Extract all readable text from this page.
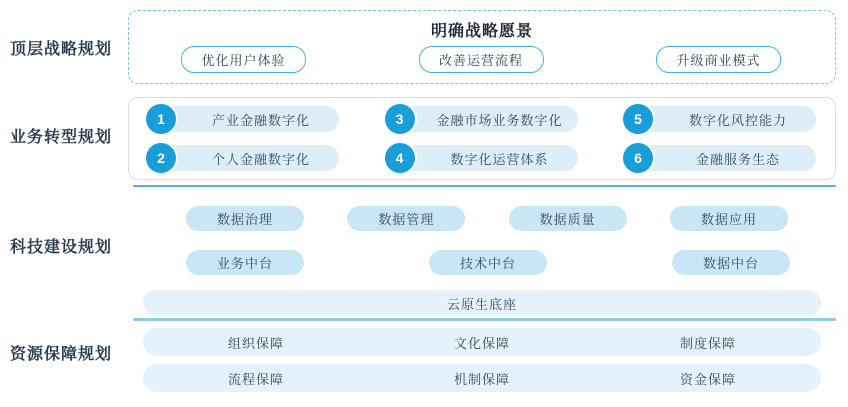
顶层战略规划
业务转型规划
科技建设规划
资源保障规划
明确战略愿景
优化用户体验	改善运营流程	升级商业模式
1	产业金融数字化	3	金融市场业务数字化	5	数字化风控能力
2	个人金融数字化	4	数字化运营体系	6	金融服务生态
数据治理	数据管理	数据质量	数据应用
业务中台	技术中台	数据中台
云原生底座
组织保障	文化保障	制度保障
流程保障	机制保障	资金保障
